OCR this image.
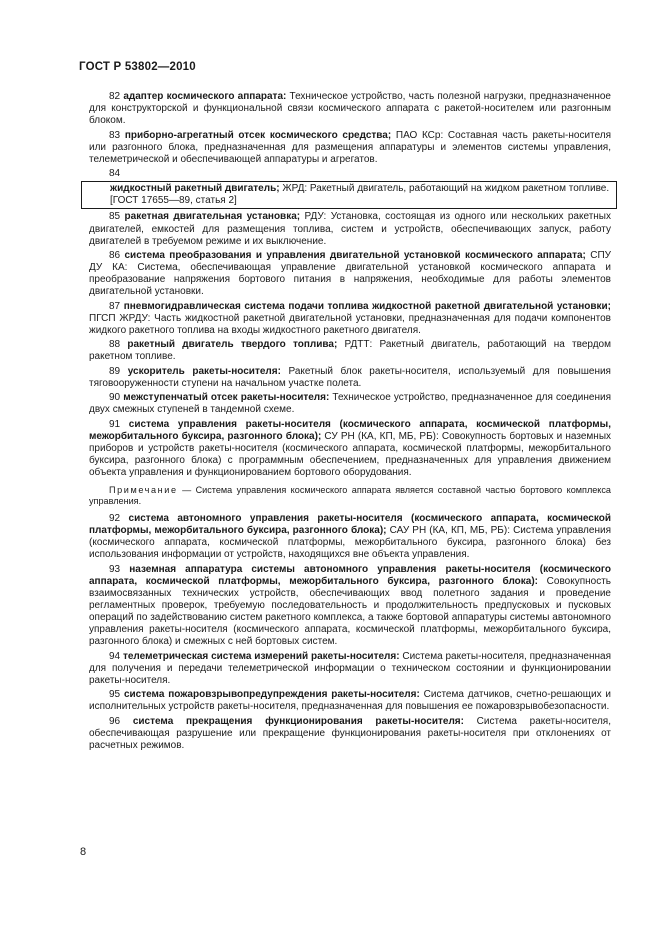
ГОСТ Р 53802—2010

82 адаптер космического аппарата: Техническое устройство, часть полезной нагрузки, предназначенное для конструкторской и функциональной связи космического аппарата с ракетой-носителем или разгонным блоком.

83 приборно-агрегатный отсек космического средства; ПАО КСр: Составная часть ракеты-носителя или разгонного блока, предназначенная для размещения аппаратуры и элементов системы управления, телеметрической и обеспечивающей аппаратуры и агрегатов.

84

жидкостный ракетный двигатель; ЖРД: Ракетный двигатель, работающий на жидком ракетном топливе.

[ГОСТ 17655—89, статья 2]

85 ракетная двигательная установка; РДУ: Установка, состоящая из одного или нескольких ракетных двигателей, емкостей для размещения топлива, систем и устройств, обеспечивающих запуск, работу двигателей в требуемом режиме и их выключение.

86 система преобразования и управления двигательной установкой космического аппарата; СПУ ДУ КА: Система, обеспечивающая управление двигательной установкой космического аппарата и преобразование напряжения бортового питания в напряжения, необходимые для работы элементов двигательной установки.

87 пневмогидравлическая система подачи топлива жидкостной ракетной двигательной установки; ПГСП ЖРДУ: Часть жидкостной ракетной двигательной установки, предназначенная для подачи компонентов жидкого ракетного топлива на входы жидкостного ракетного двигателя.

88 ракетный двигатель твердого топлива; РДТТ: Ракетный двигатель, работающий на твердом ракетном топливе.

89 ускоритель ракеты-носителя: Ракетный блок ракеты-носителя, используемый для повышения тяговооруженности ступени на начальном участке полета.

90 межступенчатый отсек ракеты-носителя: Техническое устройство, предназначенное для соединения двух смежных ступеней в тандемной схеме.

91 система управления ракеты-носителя (космического аппарата, космической платформы, межорбитального буксира, разгонного блока); СУ РН (КА, КП, МБ, РБ): Совокупность бортовых и наземных приборов и устройств ракеты-носителя (космического аппарата, космической платформы, межорбитального буксира, разгонного блока) с программным обеспечением, предназначенных для управления движением объекта управления и функционированием бортового оборудования.

Примечание — Система управления космического аппарата является составной частью бортового комплекса управления.

92 система автономного управления ракеты-носителя (космического аппарата, космической платформы, межорбитального буксира, разгонного блока); САУ РН (КА, КП, МБ, РБ): Система управления (космического аппарата, космической платформы, межорбитального буксира, разгонного блока) без использования информации от устройств, находящихся вне объекта управления.

93 наземная аппаратура системы автономного управления ракеты-носителя (космического аппарата, космической платформы, межорбитального буксира, разгонного блока): Совокупность взаимосвязанных технических устройств, обеспечивающих ввод полетного задания и проведение регламентных проверок, требуемую последовательность и продолжительность предпусковых и пусковых операций по задействованию систем ракетного комплекса, а также бортовой аппаратуры системы автономного управления ракеты-носителя (космического аппарата, космической платформы, межорбитального буксира, разгонного блока) и смежных с ней бортовых систем.

94 телеметрическая система измерений ракеты-носителя: Система ракеты-носителя, предназначенная для получения и передачи телеметрической информации о техническом состоянии и функционировании ракеты-носителя.

95 система пожаровзрывопредупреждения ракеты-носителя: Система датчиков, счетно-решающих и исполнительных устройств ракеты-носителя, предназначенная для повышения ее пожаровзрывобезопасности.

96 система прекращения функционирования ракеты-носителя: Система ракеты-носителя, обеспечивающая разрушение или прекращение функционирования ракеты-носителя при отклонениях от расчетных режимов.

8
